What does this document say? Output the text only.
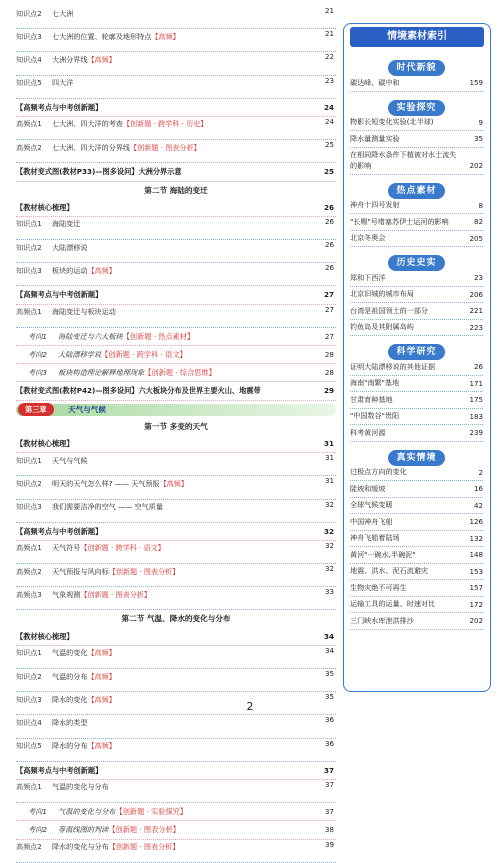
知识点2 七大洲	21
知识点3 七大洲的位置、轮廓及地形特点【高频】	21
知识点4 大洲分界线【高频】	22
知识点5 四大洋	23
【高频考点与中考创新题】	24
高频点1 七大洲、四大洋的考查【创新题 · 跨学科 · 历史】	24
高频点2 七大洲、四大洋的分界线【创新题 · 图表分析】	25
【教材变式图(教材P33)—图多设问】大洲分界示意	25
第二节 海陆的变迁
【教材核心梳理】	26
知识点1 海陆变迁	26
知识点2 大陆漂移说	26
知识点3 板块的运动【高频】	26
【高频考点与中考创新题】	27
高频点1 海陆变迁与板块运动	27
考向1 海陆变迁与六大板块【创新题 · 热点素材】	27
考向2 大陆漂移学说【创新题 · 跨学科 · 语文】	28
考向3 板块构造理论解释地理现象【创新题 · 综合思维】	28
【教材变式图(教材P42)—图多设问】六大板块分布及世界主要火山、地震带	29
第三章	天气与气候
第一节 多变的天气
【教材核心梳理】	31
知识点1 天气与气候	31
知识点2 明天的天气怎么样? —— 天气预报【高频】	31
知识点3 我们需要洁净的空气 —— 空气质量	32
【高频考点与中考创新题】	32
高频点1 天气符号【创新题 · 跨学科 · 语文】	32
高频点2 天气预报与风向标【创新题 · 图表分析】	32
高频点3 气象观测【创新题 · 图表分析】	33
第二节 气温、降水的变化与分布
【教材核心梳理】	34
知识点1 气温的变化【高频】	34
知识点2 气温的分布【高频】	35
知识点3 降水的变化【高频】	35
知识点4 降水的类型	36
知识点5 降水的分布【高频】	36
【高频考点与中考创新题】	37
高频点1 气温的变化与分布	37
考向1 气温的变化与分布【创新题 · 实验探究】	37
考向2 等温线图的判读【创新题 · 图表分析】	38
高频点2 降水的变化与分布【创新题 · 图表分析】	39
情境素材索引
时代新貌
碳达峰、碳中和	159
实验探究
物影长短变化实验(北半球)	9
降水量测量实验	35
在相同降水条件下植被对水土流失的影响	202
热点素材
神舟十四号发射	8
"长赐"号堵塞苏伊士运河的影响	82
北京冬奥会	205
历史史实
郑和下西洋	23
北京旧城的城市布局	206
台湾是祖国领土的一部分	221
钓鱼岛及其附属岛屿	223
科学研究
证明大陆漂移说的其他证据	26
海南"南繁"基地	171
甘肃育种基地	175
"中国数谷"贵阳	183
科考黄河源	239
真实情境
过极点方向的变化	2
陡坡和缓坡	16
全球气候变暖	42
中国神舟飞船	126
神舟飞船着陆场	132
黄河"一碗水,半碗泥"	148
地震、洪水、泥石流避灾	153
生物灾绝不可再生	157
运输工具的运量、时速对比	172
三门峡水库泄洪排沙	202
2
